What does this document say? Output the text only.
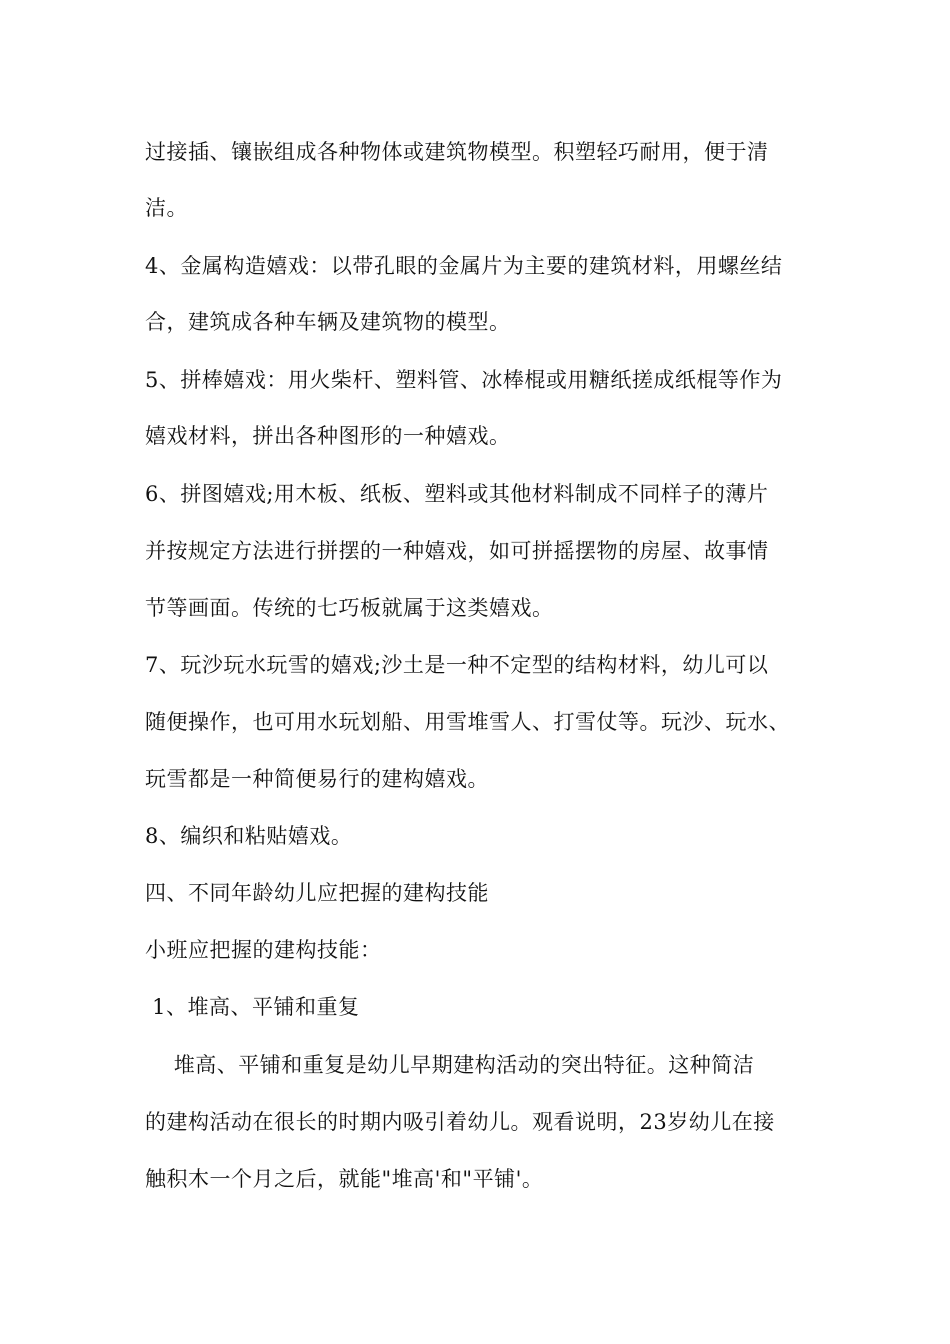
过接插、镶嵌组成各种物体或建筑物模型。积塑轻巧耐用，便于清

洁。

4、金属构造嬉戏：以带孔眼的金属片为主要的建筑材料，用螺丝结

合，建筑成各种车辆及建筑物的模型。

5、拼棒嬉戏：用火柴杆、塑料管、冰棒棍或用糖纸搓成纸棍等作为

嬉戏材料，拼出各种图形的一种嬉戏。

6、拼图嬉戏;用木板、纸板、塑料或其他材料制成不同样子的薄片

并按规定方法进行拼摆的一种嬉戏，如可拼摇摆物的房屋、故事情

节等画面。传统的七巧板就属于这类嬉戏。

7、玩沙玩水玩雪的嬉戏;沙土是一种不定型的结构材料，幼儿可以

随便操作，也可用水玩划船、用雪堆雪人、打雪仗等。玩沙、玩水、

玩雪都是一种简便易行的建构嬉戏。

8、编织和粘贴嬉戏。

四、不同年龄幼儿应把握的建构技能

小班应把握的建构技能：

1、堆高、平铺和重复

堆高、平铺和重复是幼儿早期建构活动的突出特征。这种简洁

的建构活动在很长的时期内吸引着幼儿。观看说明，23岁幼儿在接

触积木一个月之后，就能"堆高'和"平铺'。
